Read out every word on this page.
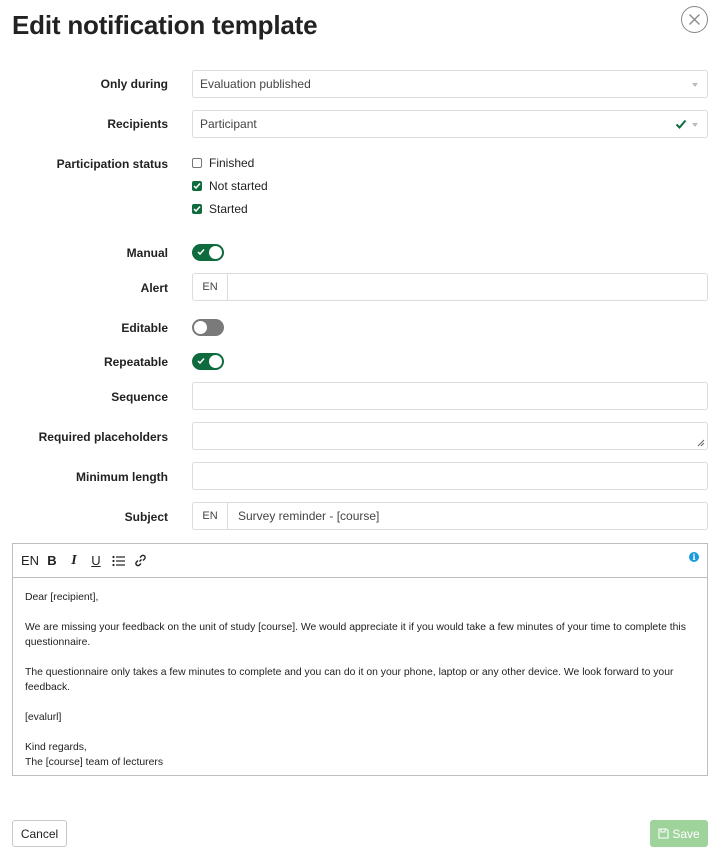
Edit notification template
Only during	Evaluation published
Recipients	Participant
Participation status	Finished
Not started
Started
Manual
Alert	EN
Editable
Repeatable
Sequence
Required placeholders
Minimum length
Subject	EN	Survey reminder - [course]
EN B	I	U	i

Dear [recipient],

We are missing your feedback on the unit of study [course]. We would appreciate it if you would take a few minutes of your time to complete this questionnaire.

The questionnaire only takes a few minutes to complete and you can do it on your phone, laptop or any other device. We look forward to your feedback.

[evalurl]

Kind regards,

The [course] team of lecturers

Cancel	Save
